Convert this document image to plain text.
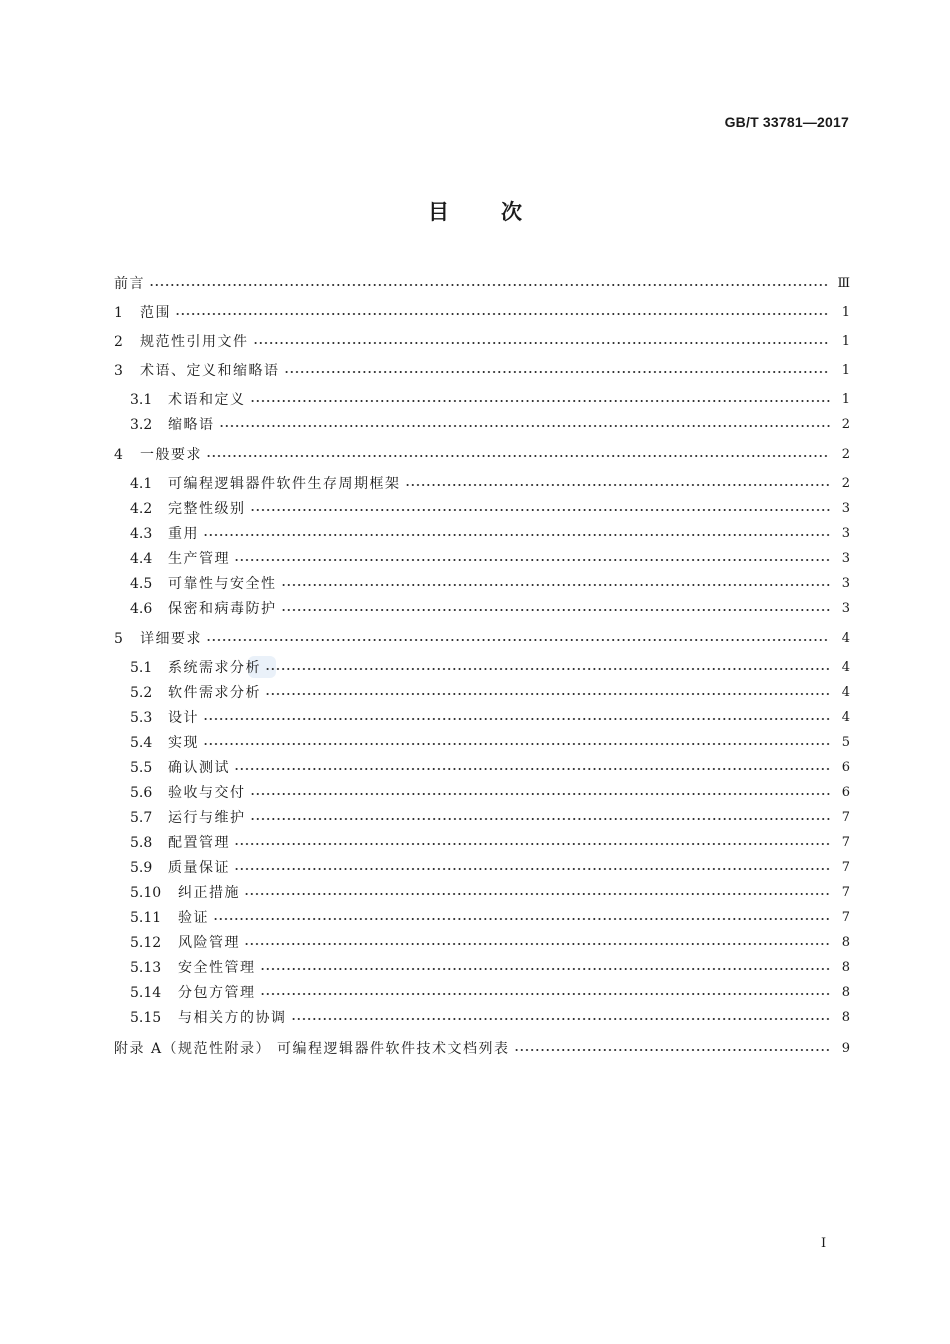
GB/T 33781—2017
目次
前言	Ⅲ
1	范围	1
2	规范性引用文件	1
3	术语、定义和缩略语	1
3.1	术语和定义	1
3.2	缩略语	2
4	一般要求	2
4.1	可编程逻辑器件软件生存周期框架	2
4.2	完整性级别	3
4.3	重用	3
4.4	生产管理	3
4.5	可靠性与安全性	3
4.6	保密和病毒防护	3
5	详细要求	4
5.1	系统需求分析	4
5.2	软件需求分析	4
5.3	设计	4
5.4	实现	5
5.5	确认测试	6
5.6	验收与交付	6
5.7	运行与维护	7
5.8	配置管理	7
5.9	质量保证	7
5.10	纠正措施	7
5.11	验证	7
5.12	风险管理	8
5.13	安全性管理	8
5.14	分包方管理	8
5.15	与相关方的协调	8
附录 A（规范性附录） 可编程逻辑器件软件技术文档列表	9
I
